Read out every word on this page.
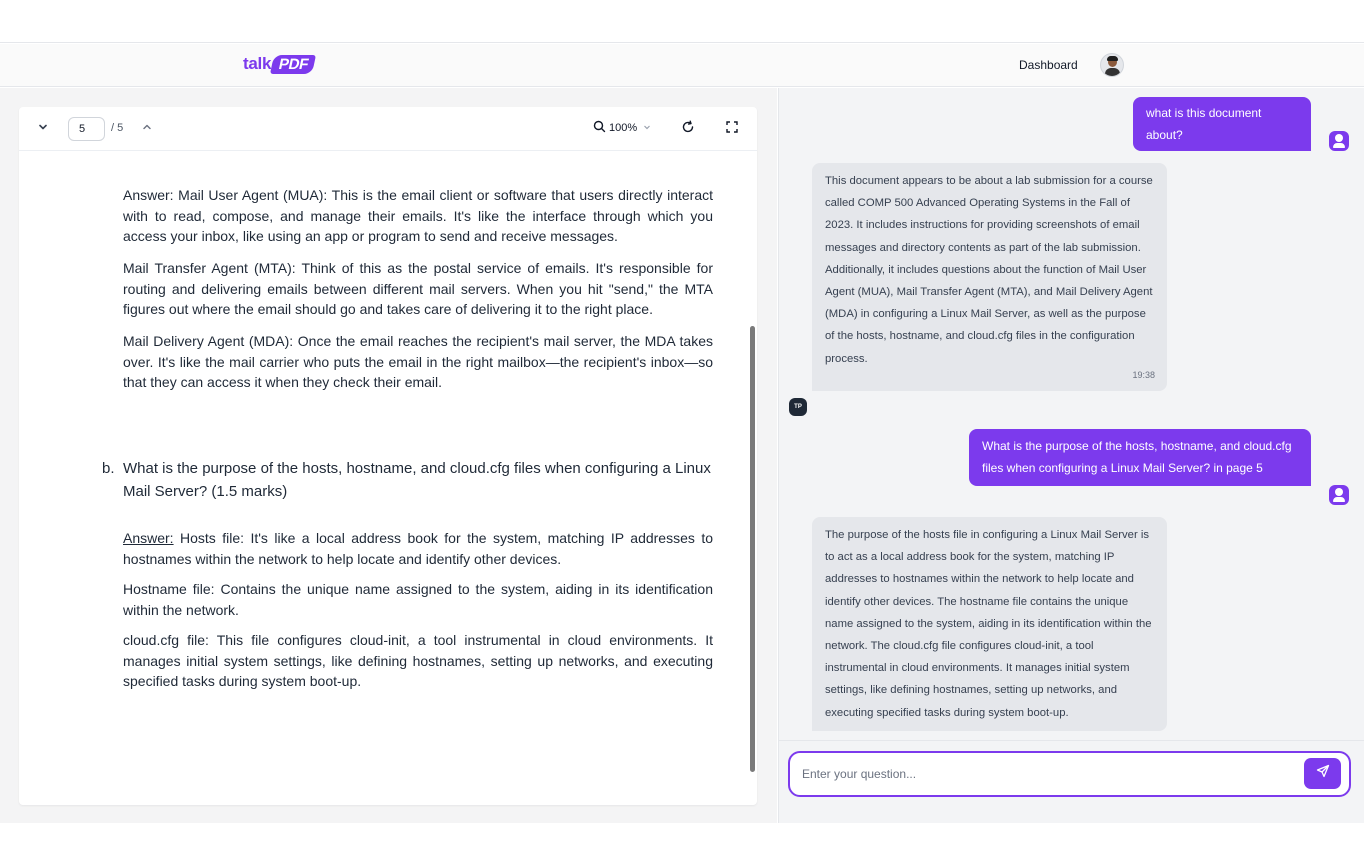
talk PDF	Dashboard
5	/ 5	100%

Answer: Mail User Agent (MUA): This is the email client or software that users directly interact with to read, compose, and manage their emails. It's like the interface through which you access your inbox, like using an app or program to send and receive messages.

Mail Transfer Agent (MTA): Think of this as the postal service of emails. It's responsible for routing and delivering emails between different mail servers. When you hit "send," the MTA figures out where the email should go and takes care of delivering it to the right place.

Mail Delivery Agent (MDA): Once the email reaches the recipient's mail server, the MDA takes over. It's like the mail carrier who puts the email in the right mailbox—the recipient's inbox—so that they can access it when they check their email.

b. What is the purpose of the hosts, hostname, and cloud.cfg files when configuring a Linux Mail Server? (1.5 marks)

Answer: Hosts file: It's like a local address book for the system, matching IP addresses to hostnames within the network to help locate and identify other devices.

Hostname file: Contains the unique name assigned to the system, aiding in its identification within the network.

cloud.cfg file: This file configures cloud-init, a tool instrumental in cloud environments. It manages initial system settings, like defining hostnames, setting up networks, and executing specified tasks during system boot-up.

what is this document about?
This document appears to be about a lab submission for a course called COMP 500 Advanced Operating Systems in the Fall of 2023. It includes instructions for providing screenshots of email messages and directory contents as part of the lab submission. Additionally, it includes questions about the function of Mail User Agent (MUA), Mail Transfer Agent (MTA), and Mail Delivery Agent (MDA) in configuring a Linux Mail Server, as well as the purpose of the hosts, hostname, and cloud.cfg files in the configuration process.
19:38
TP
What is the purpose of the hosts, hostname, and cloud.cfg files when configuring a Linux Mail Server? in page 5
The purpose of the hosts file in configuring a Linux Mail Server is to act as a local address book for the system, matching IP addresses to hostnames within the network to help locate and identify other devices. The hostname file contains the unique name assigned to the system, aiding in its identification within the network. The cloud.cfg file configures cloud-init, a tool instrumental in cloud environments. It manages initial system settings, like defining hostnames, setting up networks, and executing specified tasks during system boot-up.
Enter your question...
